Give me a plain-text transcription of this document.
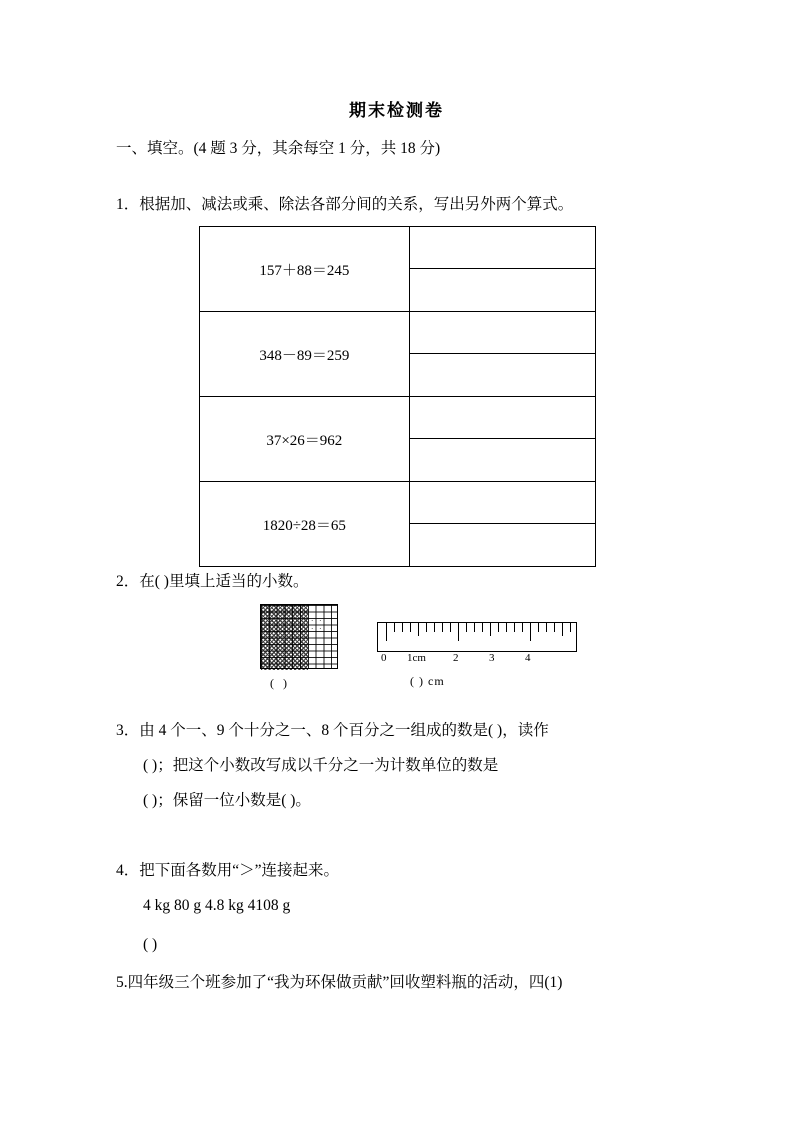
期末检测卷
一、填空。(4 题 3 分，其余每空 1 分，共 18 分)
1．根据加、减法或乘、除法各部分间的关系，写出另外两个算式。
157＋88＝245	

348－89＝259	

37×26＝962	

1820÷28＝65	
2．在( )里填上适当的小数。
· ·
· ·
( )
0 1cm 2	3	4
( ) cm
3．由 4 个一、9 个十分之一、8 个百分之一组成的数是( )，读作
( )；把这个小数改写成以千分之一为计数单位的数是
( )；保留一位小数是( )。
4．把下面各数用“＞”连接起来。
4 kg 80 g 4.8 kg 4108 g
( )
5.四年级三个班参加了“我为环保做贡献”回收塑料瓶的活动，四(1)
